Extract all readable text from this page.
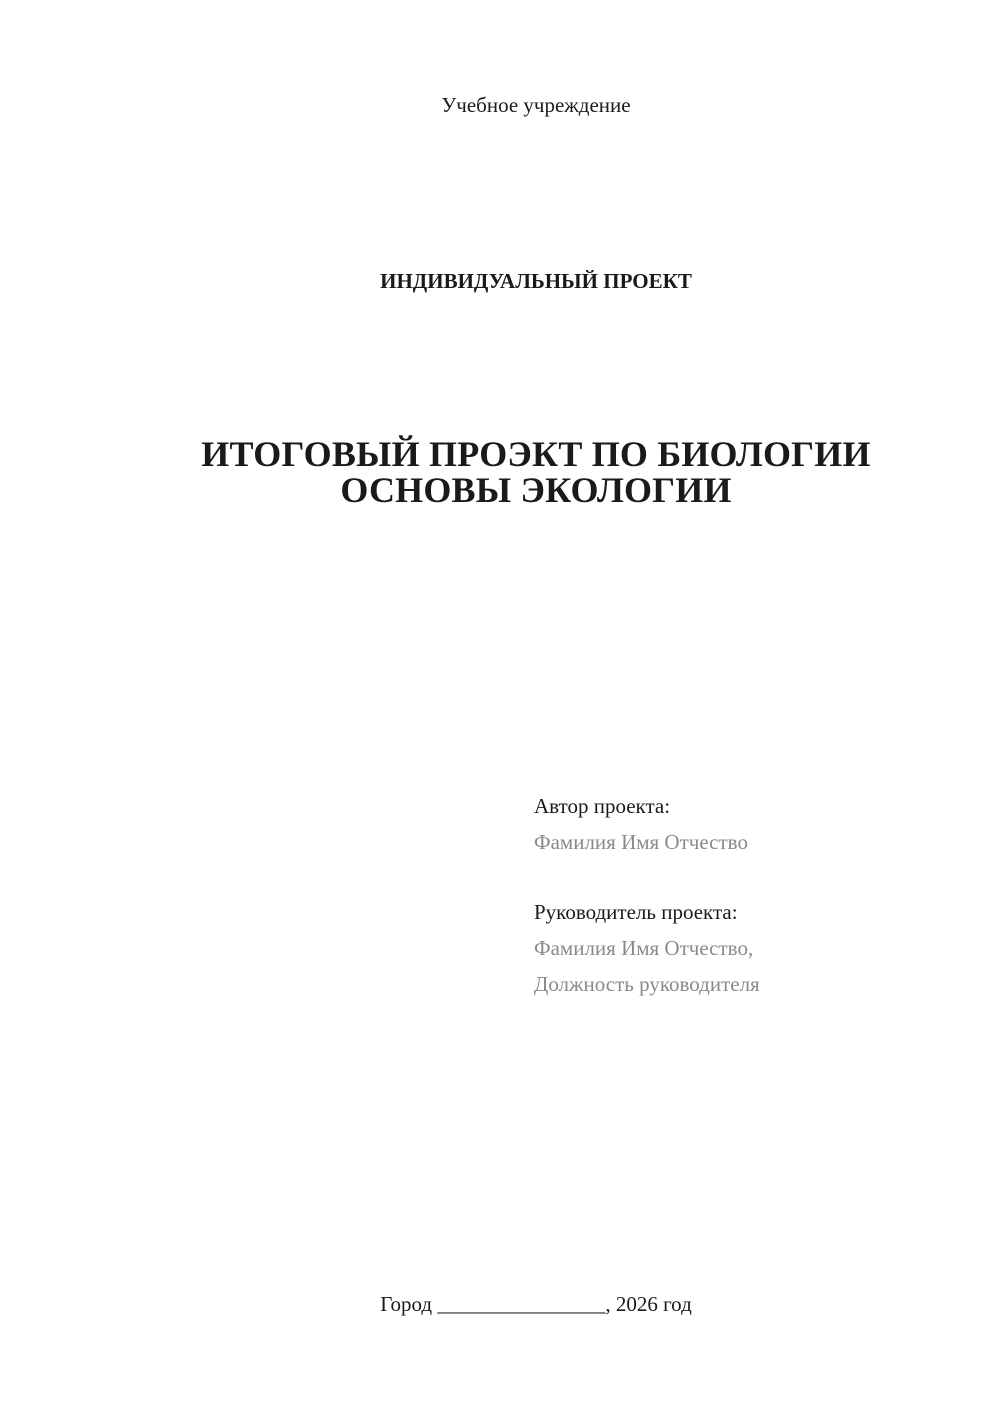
Учебное учреждение
ИНДИВИДУАЛЬНЫЙ ПРОЕКТ
ИТОГОВЫЙ ПРОЭКТ ПО БИОЛОГИИ
ОСНОВЫ ЭКОЛОГИИ
Автор проекта:
Фамилия Имя Отчество
Руководитель проекта:
Фамилия Имя Отчество,
Должность руководителя
Город ________________, 2026 год
